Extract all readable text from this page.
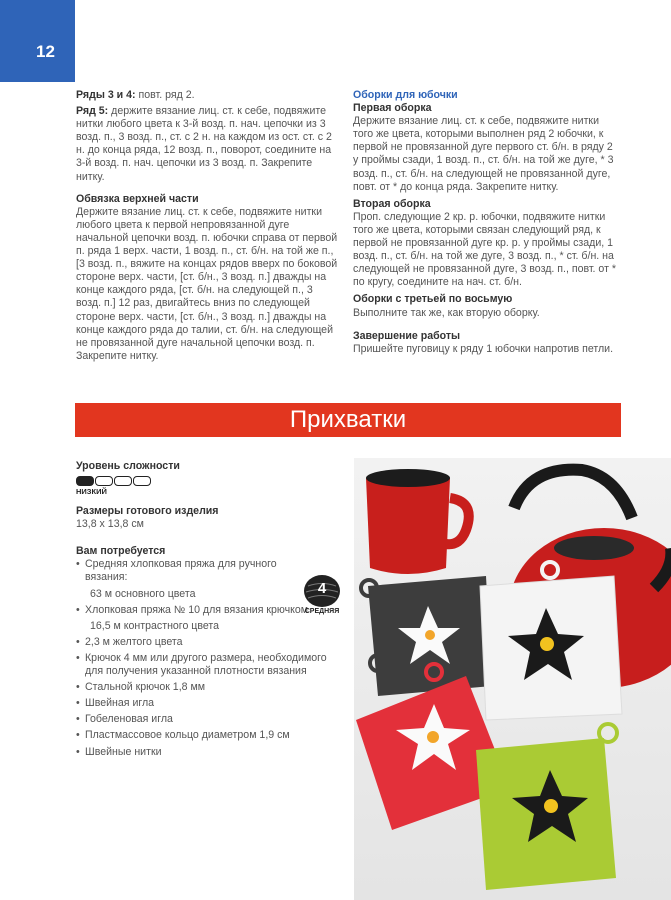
12

Ряды 3 и 4: повт. ряд 2.

Ряд 5: держите вязание лиц. ст. к себе, подвяжите нитки любого цвета к 3-й возд. п. нач. цепочки из 3 возд. п., 3 возд. п., ст. с 2 н. на каждом из ост. ст. с 2 н. до конца ряда, 12 возд. п., поворот, соедините на 3-й возд. п. нач. цепочки из 3 возд. п. Закрепите нитку.

Обвязка верхней части

Держите вязание лиц. ст. к себе, подвяжите нитки любого цвета к первой непровязанной дуге начальной цепочки возд. п. юбочки справа от первой п. ряда 1 верх. части, 1 возд. п., ст. б/н. на той же п., [3 возд. п., вяжите на концах рядов вверх по боковой стороне верх. части, [ст. б/н., 3 возд. п.] дважды на конце каждого ряда, [ст. б/н. на следующей п., 3 возд. п.] 12 раз, двигайтесь вниз по следующей стороне верх. части, [ст. б/н., 3 возд. п.] дважды на конце каждого ряда до талии, ст. б/н. на следующей не провязанной дуге начальной цепочки возд. п. Закрепите нитку.

Оборки для юбочки

Первая оборка

Держите вязание лиц. ст. к себе, подвяжите нитки того же цвета, которыми выполнен ряд 2 юбочки, к первой не провязанной дуге первого ст. б/н. в ряду 2 у проймы сзади, 1 возд. п., ст. б/н. на той же дуге, * 3 возд. п., ст. б/н. на следующей не провязанной дуге, повт. от * до конца ряда. Закрепите нитку.

Вторая оборка

Проп. следующие 2 кр. р. юбочки, подвяжите нитки того же цвета, которыми связан следующий ряд, к первой не провязанной дуге кр. р. у проймы сзади, 1 возд. п., ст. б/н. на той же дуге, 3 возд. п., * ст. б/н. на следующей не провязанной дуге, 3 возд. п., повт. от * по кругу, соедините на нач. ст. б/н.

Оборки с третьей по восьмую

Выполните так же, как вторую оборку.

Завершение работы

Пришейте пуговицу к ряду 1 юбочки напротив петли.

Прихватки

Уровень сложности

НИЗКИЙ

Размеры готового изделия

13,8 х 13,8 см

Вам потребуется

• Средняя хлопковая пряжа для ручного вязания:
63 м основного цвета
• Хлопковая пряжа № 10 для вязания крючком
16,5 м контрастного цвета
• 2,3 м желтого цвета
• Крючок 4 мм или другого размера, необходимого для получения указанной плотности вязания
• Стальной крючок 1,8 мм
• Швейная игла
• Гобеленовая игла
• Пластмассовое кольцо диаметром 1,9 см
• Швейные нитки
4
СРЕДНЯЯ
